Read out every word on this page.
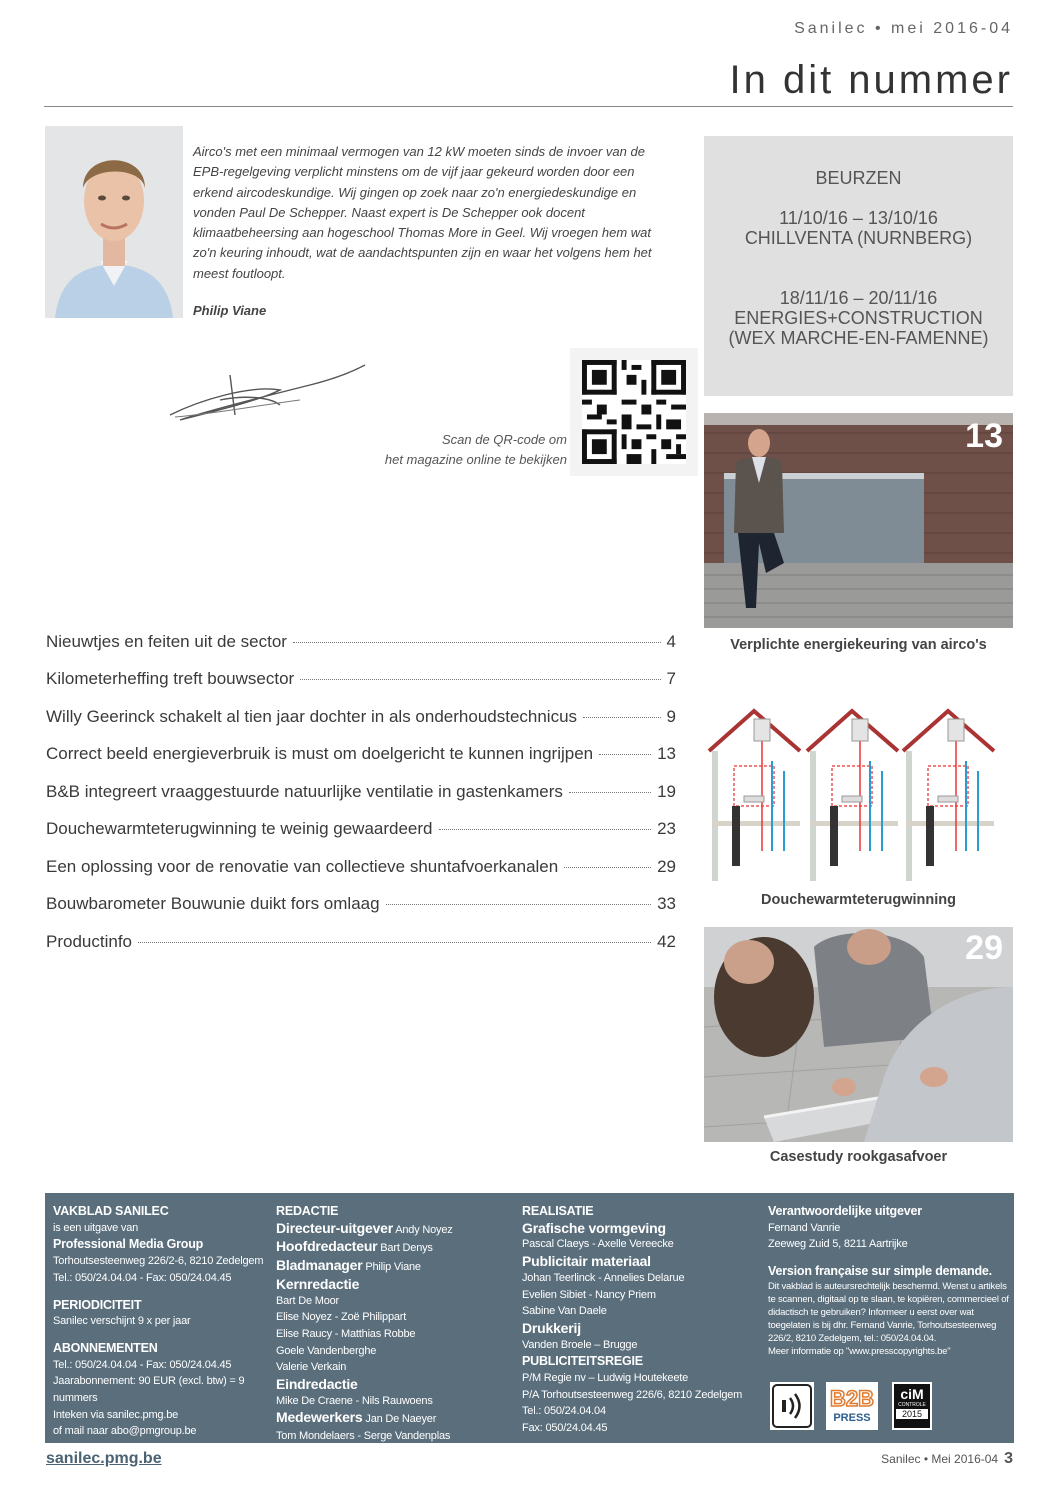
Sanilec • mei 2016-04
In dit nummer
Airco's met een minimaal vermogen van 12 kW moeten sinds de invoer van de EPB-regelgeving verplicht minstens om de vijf jaar gekeurd worden door een erkend aircodeskundige. Wij gingen op zoek naar zo'n energiedeskundige en vonden Paul De Schepper. Naast expert is De Schepper ook docent klimaatbeheersing aan hogeschool Thomas More in Geel. Wij vroegen hem wat zo'n keuring inhoudt, wat de aandachtspunten zijn en waar het volgens hem het meest foutloopt.
Philip Viane
Scan de QR-code om
het magazine online te bekijken
BEURZEN
11/10/16 – 13/10/16
CHILLVENTA (NURNBERG)
18/11/16 – 20/11/16
ENERGIES+CONSTRUCTION
(WEX MARCHE-EN-FAMENNE)
13
Verplichte energiekeuring van airco's
23
Douchewarmteterugwinning
29
Casestudy rookgasafvoer
Nieuwtjes en feiten uit de sector	4
Kilometerheffing treft bouwsector	7
Willy Geerinck schakelt al tien jaar dochter in als onderhoudstechnicus	9
Correct beeld energieverbruik is must om doelgericht te kunnen ingrijpen	13
B&B integreert vraaggestuurde natuurlijke ventilatie in gastenkamers	19
Douchewarmteterugwinning te weinig gewaardeerd	23
Een oplossing voor de renovatie van collectieve shuntafvoerkanalen	29
Bouwbarometer Bouwunie duikt fors omlaag	33
Productinfo	42
VAKBLAD SANILEC
is een uitgave van
Professional Media Group
Torhoutsesteenweg 226/2-6, 8210 Zedelgem
Tel.: 050/24.04.04 - Fax: 050/24.04.45
PERIODICITEIT
Sanilec verschijnt 9 x per jaar
ABONNEMENTEN
Tel.: 050/24.04.04 - Fax: 050/24.04.45
Jaarabonnement: 90 EUR (excl. btw) = 9 nummers
Inteken via sanilec.pmg.be
of mail naar abo@pmgroup.be
REDACTIE
Directeur-uitgever Andy Noyez
Hoofdredacteur Bart Denys
Bladmanager Philip Viane
Kernredactie
Bart De Moor
Elise Noyez - Zoë Philippart
Elise Raucy - Matthias Robbe
Goele Vandenberghe
Valerie Verkain
Eindredactie
Mike De Craene - Nils Rauwoens
Medewerkers Jan De Naeyer
Tom Mondelaers - Serge Vandenplas
REALISATIE
Grafische vormgeving
Pascal Claeys - Axelle Vereecke
Publicitair materiaal
Johan Teerlinck - Annelies Delarue
Evelien Sibiet - Nancy Priem
Sabine Van Daele
Drukkerij
Vanden Broele – Brugge
PUBLICITEITSREGIE
P/M Regie nv – Ludwig Houtekeete
P/A Torhoutsesteenweg 226/6, 8210 Zedelgem
Tel.: 050/24.04.04
Fax: 050/24.04.45
Verantwoordelijke uitgever
Fernand Vanrie
Zeeweg Zuid 5, 8211 Aartrijke
Version française sur simple demande.
Dit vakblad is auteursrechtelijk beschermd. Wenst u artikels te scannen, digitaal op te slaan, te kopiëren, commercieel of didactisch te gebruiken? Informeer u eerst over wat toegelaten is bij dhr. Fernand Vanrie, Torhoutsesteenweg 226/2, 8210 Zedelgem, tel.: 050/24.04.04.
Meer informatie op "www.presscopyrights.be"
B2B
PRESS
ciM
CONTROLE
2015
sanilec.pmg.be	Sanilec • Mei 2016-04 3
